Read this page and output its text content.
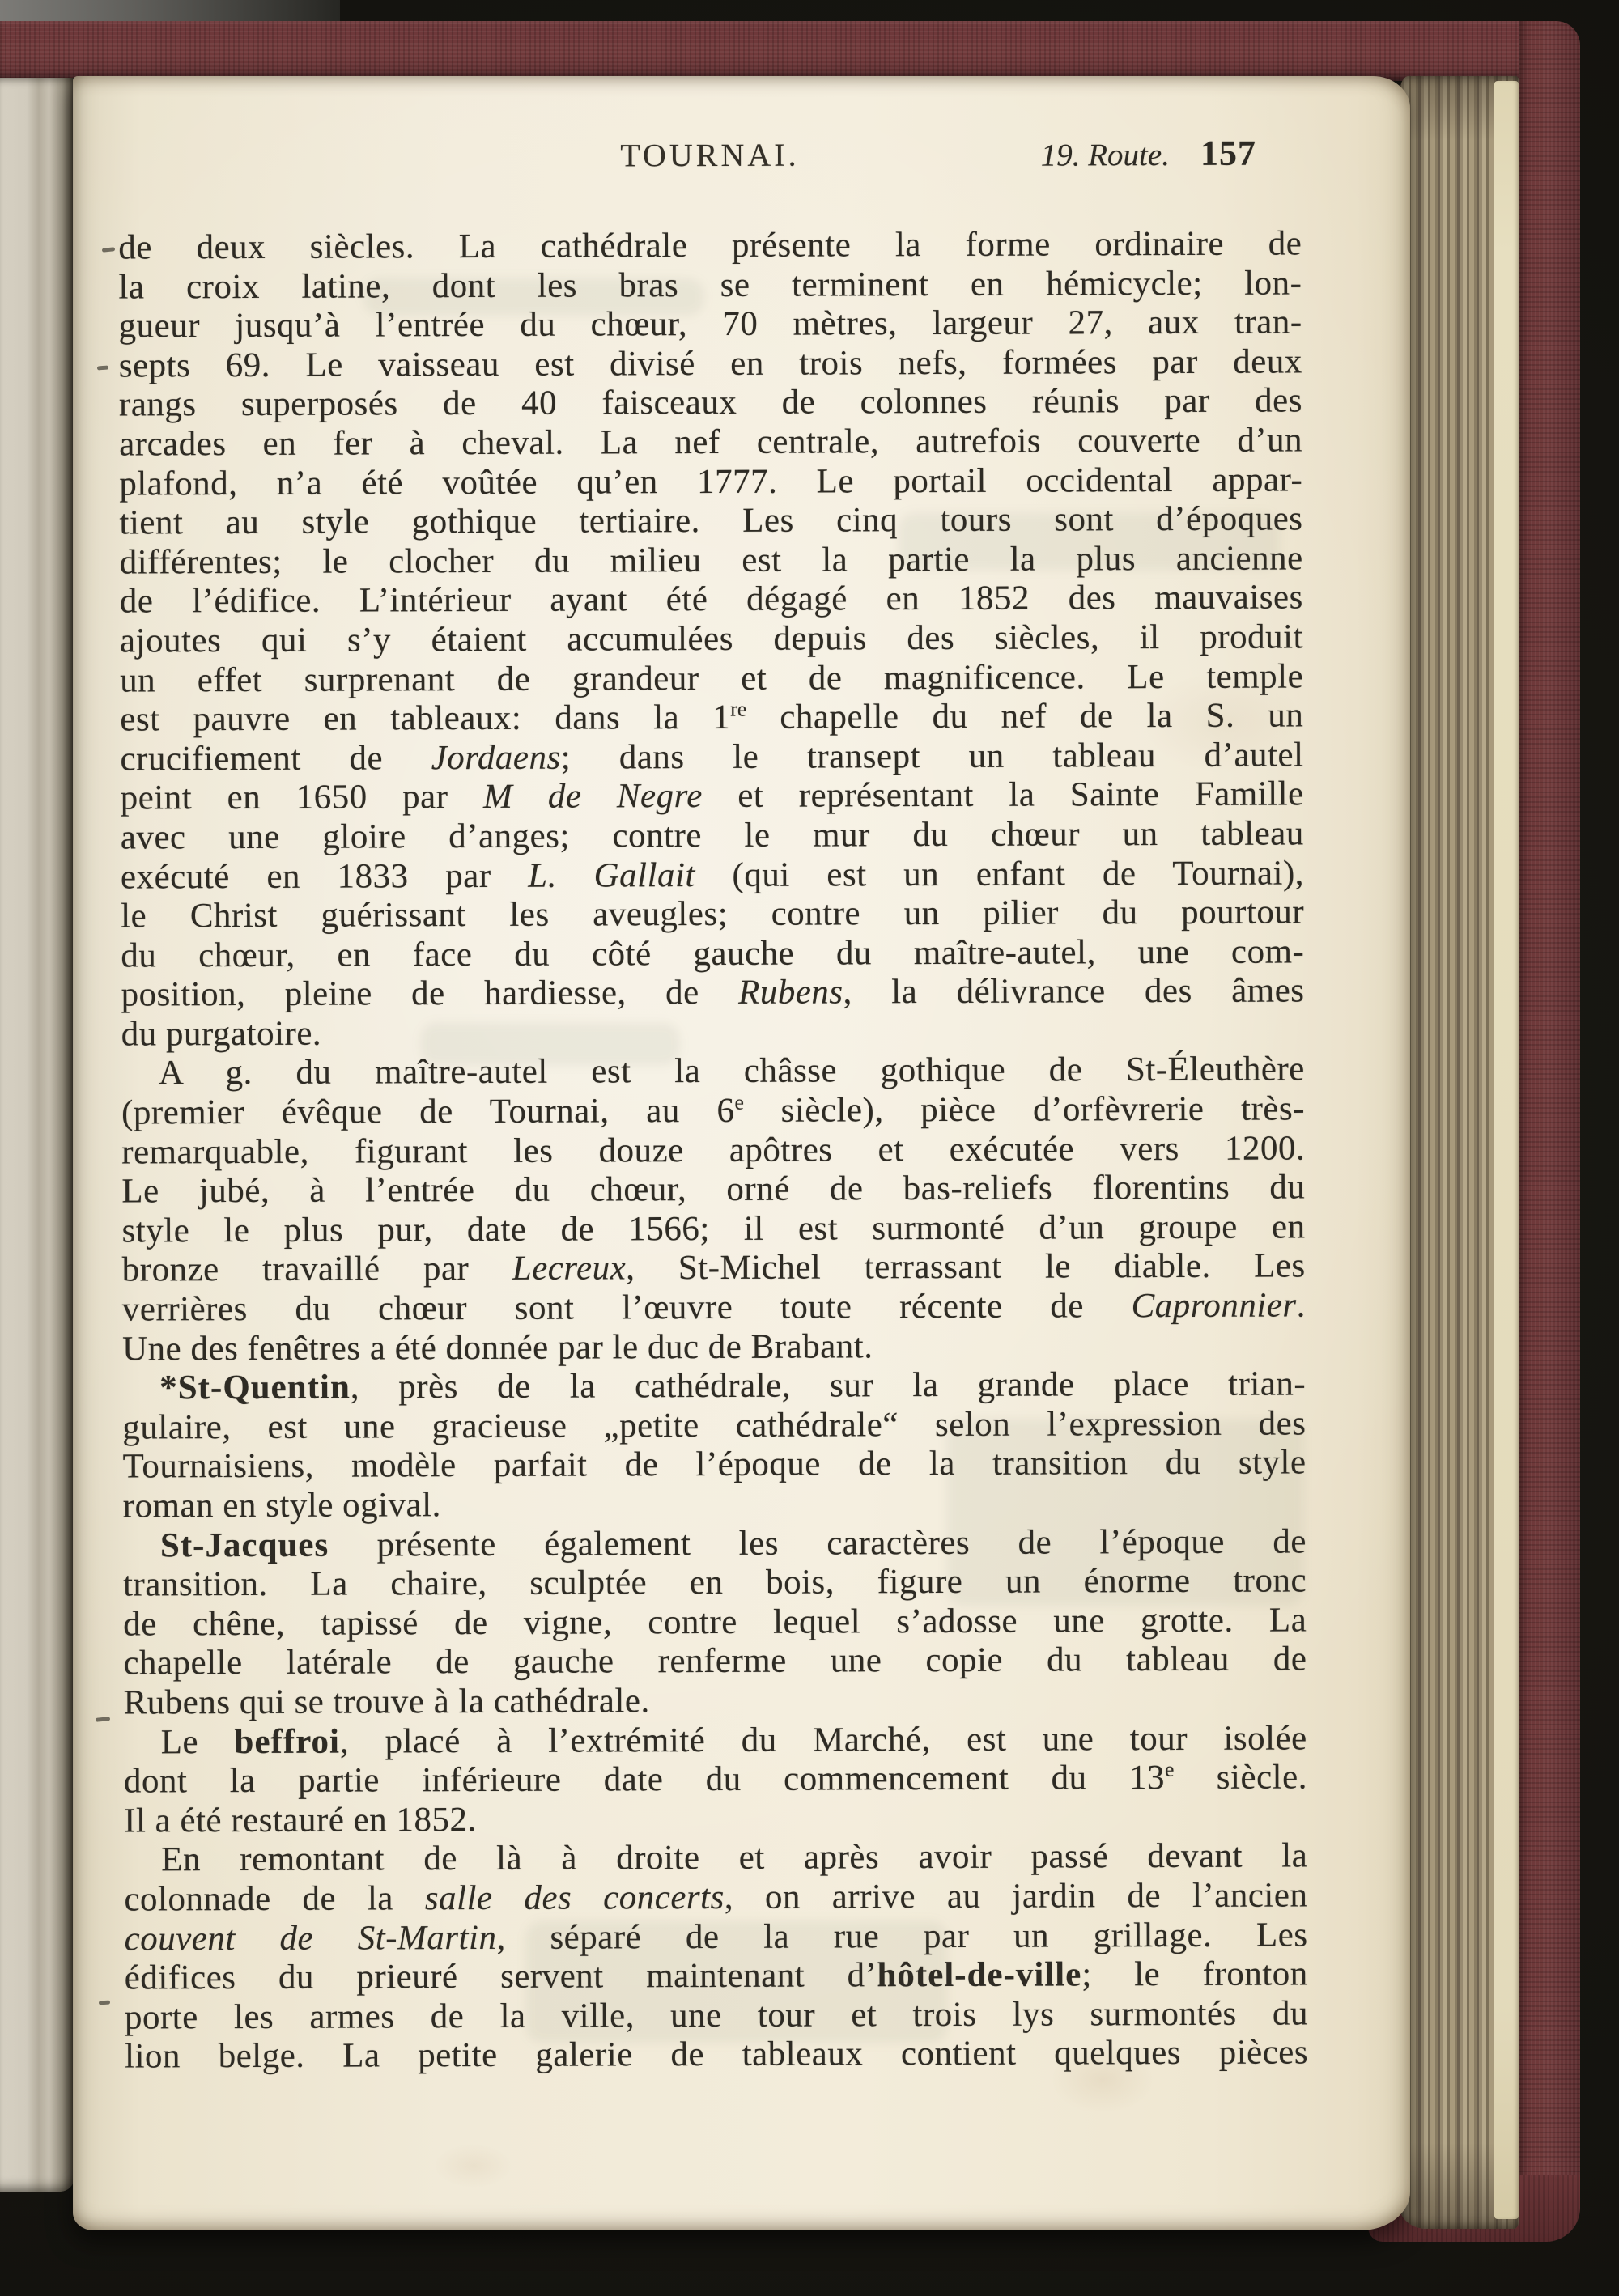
TOURNAI.	19. Route. 157
de deux siècles. La cathédrale présente la forme ordinaire de
la croix latine, dont les bras se terminent en hémicycle; lon-
gueur jusqu’à l’entrée du chœur, 70 mètres, largeur 27, aux tran-
septs 69. Le vaisseau est divisé en trois nefs, formées par deux
rangs superposés de 40 faisceaux de colonnes réunis par des
arcades en fer à cheval. La nef centrale, autrefois couverte d’un
plafond, n’a été voûtée qu’en 1777. Le portail occidental appar-
tient au style gothique tertiaire. Les cinq tours sont d’époques
différentes; le clocher du milieu est la partie la plus ancienne
de l’édifice. L’intérieur ayant été dégagé en 1852 des mauvaises
ajoutes qui s’y étaient accumulées depuis des siècles, il produit
un effet surprenant de grandeur et de magnificence. Le temple
est pauvre en tableaux: dans la 1re chapelle du nef de la S. un
crucifiement de Jordaens; dans le transept un tableau d’autel
peint en 1650 par M de Negre et représentant la Sainte Famille
avec une gloire d’anges; contre le mur du chœur un tableau
exécuté en 1833 par L. Gallait (qui est un enfant de Tournai),
le Christ guérissant les aveugles; contre un pilier du pourtour
du chœur, en face du côté gauche du maître-autel, une com-
position, pleine de hardiesse, de Rubens, la délivrance des âmes
du purgatoire.
A g. du maître-autel est la châsse gothique de St-Éleuthère
(premier évêque de Tournai, au 6e siècle), pièce d’orfèvrerie très-
remarquable, figurant les douze apôtres et exécutée vers 1200.
Le jubé, à l’entrée du chœur, orné de bas-reliefs florentins du
style le plus pur, date de 1566; il est surmonté d’un groupe en
bronze travaillé par Lecreux, St-Michel terrassant le diable. Les
verrières du chœur sont l’œuvre toute récente de Capronnier.
Une des fenêtres a été donnée par le duc de Brabant.
*St-Quentin, près de la cathédrale, sur la grande place trian-
gulaire, est une gracieuse „petite cathédrale“ selon l’expression des
Tournaisiens, modèle parfait de l’époque de la transition du style
roman en style ogival.
St-Jacques présente également les caractères de l’époque de
transition. La chaire, sculptée en bois, figure un énorme tronc
de chêne, tapissé de vigne, contre lequel s’adosse une grotte. La
chapelle latérale de gauche renferme une copie du tableau de
Rubens qui se trouve à la cathédrale.
Le beffroi, placé à l’extrémité du Marché, est une tour isolée
dont la partie inférieure date du commencement du 13e siècle.
Il a été restauré en 1852.
En remontant de là à droite et après avoir passé devant la
colonnade de la salle des concerts, on arrive au jardin de l’ancien
couvent de St-Martin, séparé de la rue par un grillage. Les
édifices du prieuré servent maintenant d’hôtel-de-ville; le fronton
porte les armes de la ville, une tour et trois lys surmontés du
lion belge. La petite galerie de tableaux contient quelques pièces
